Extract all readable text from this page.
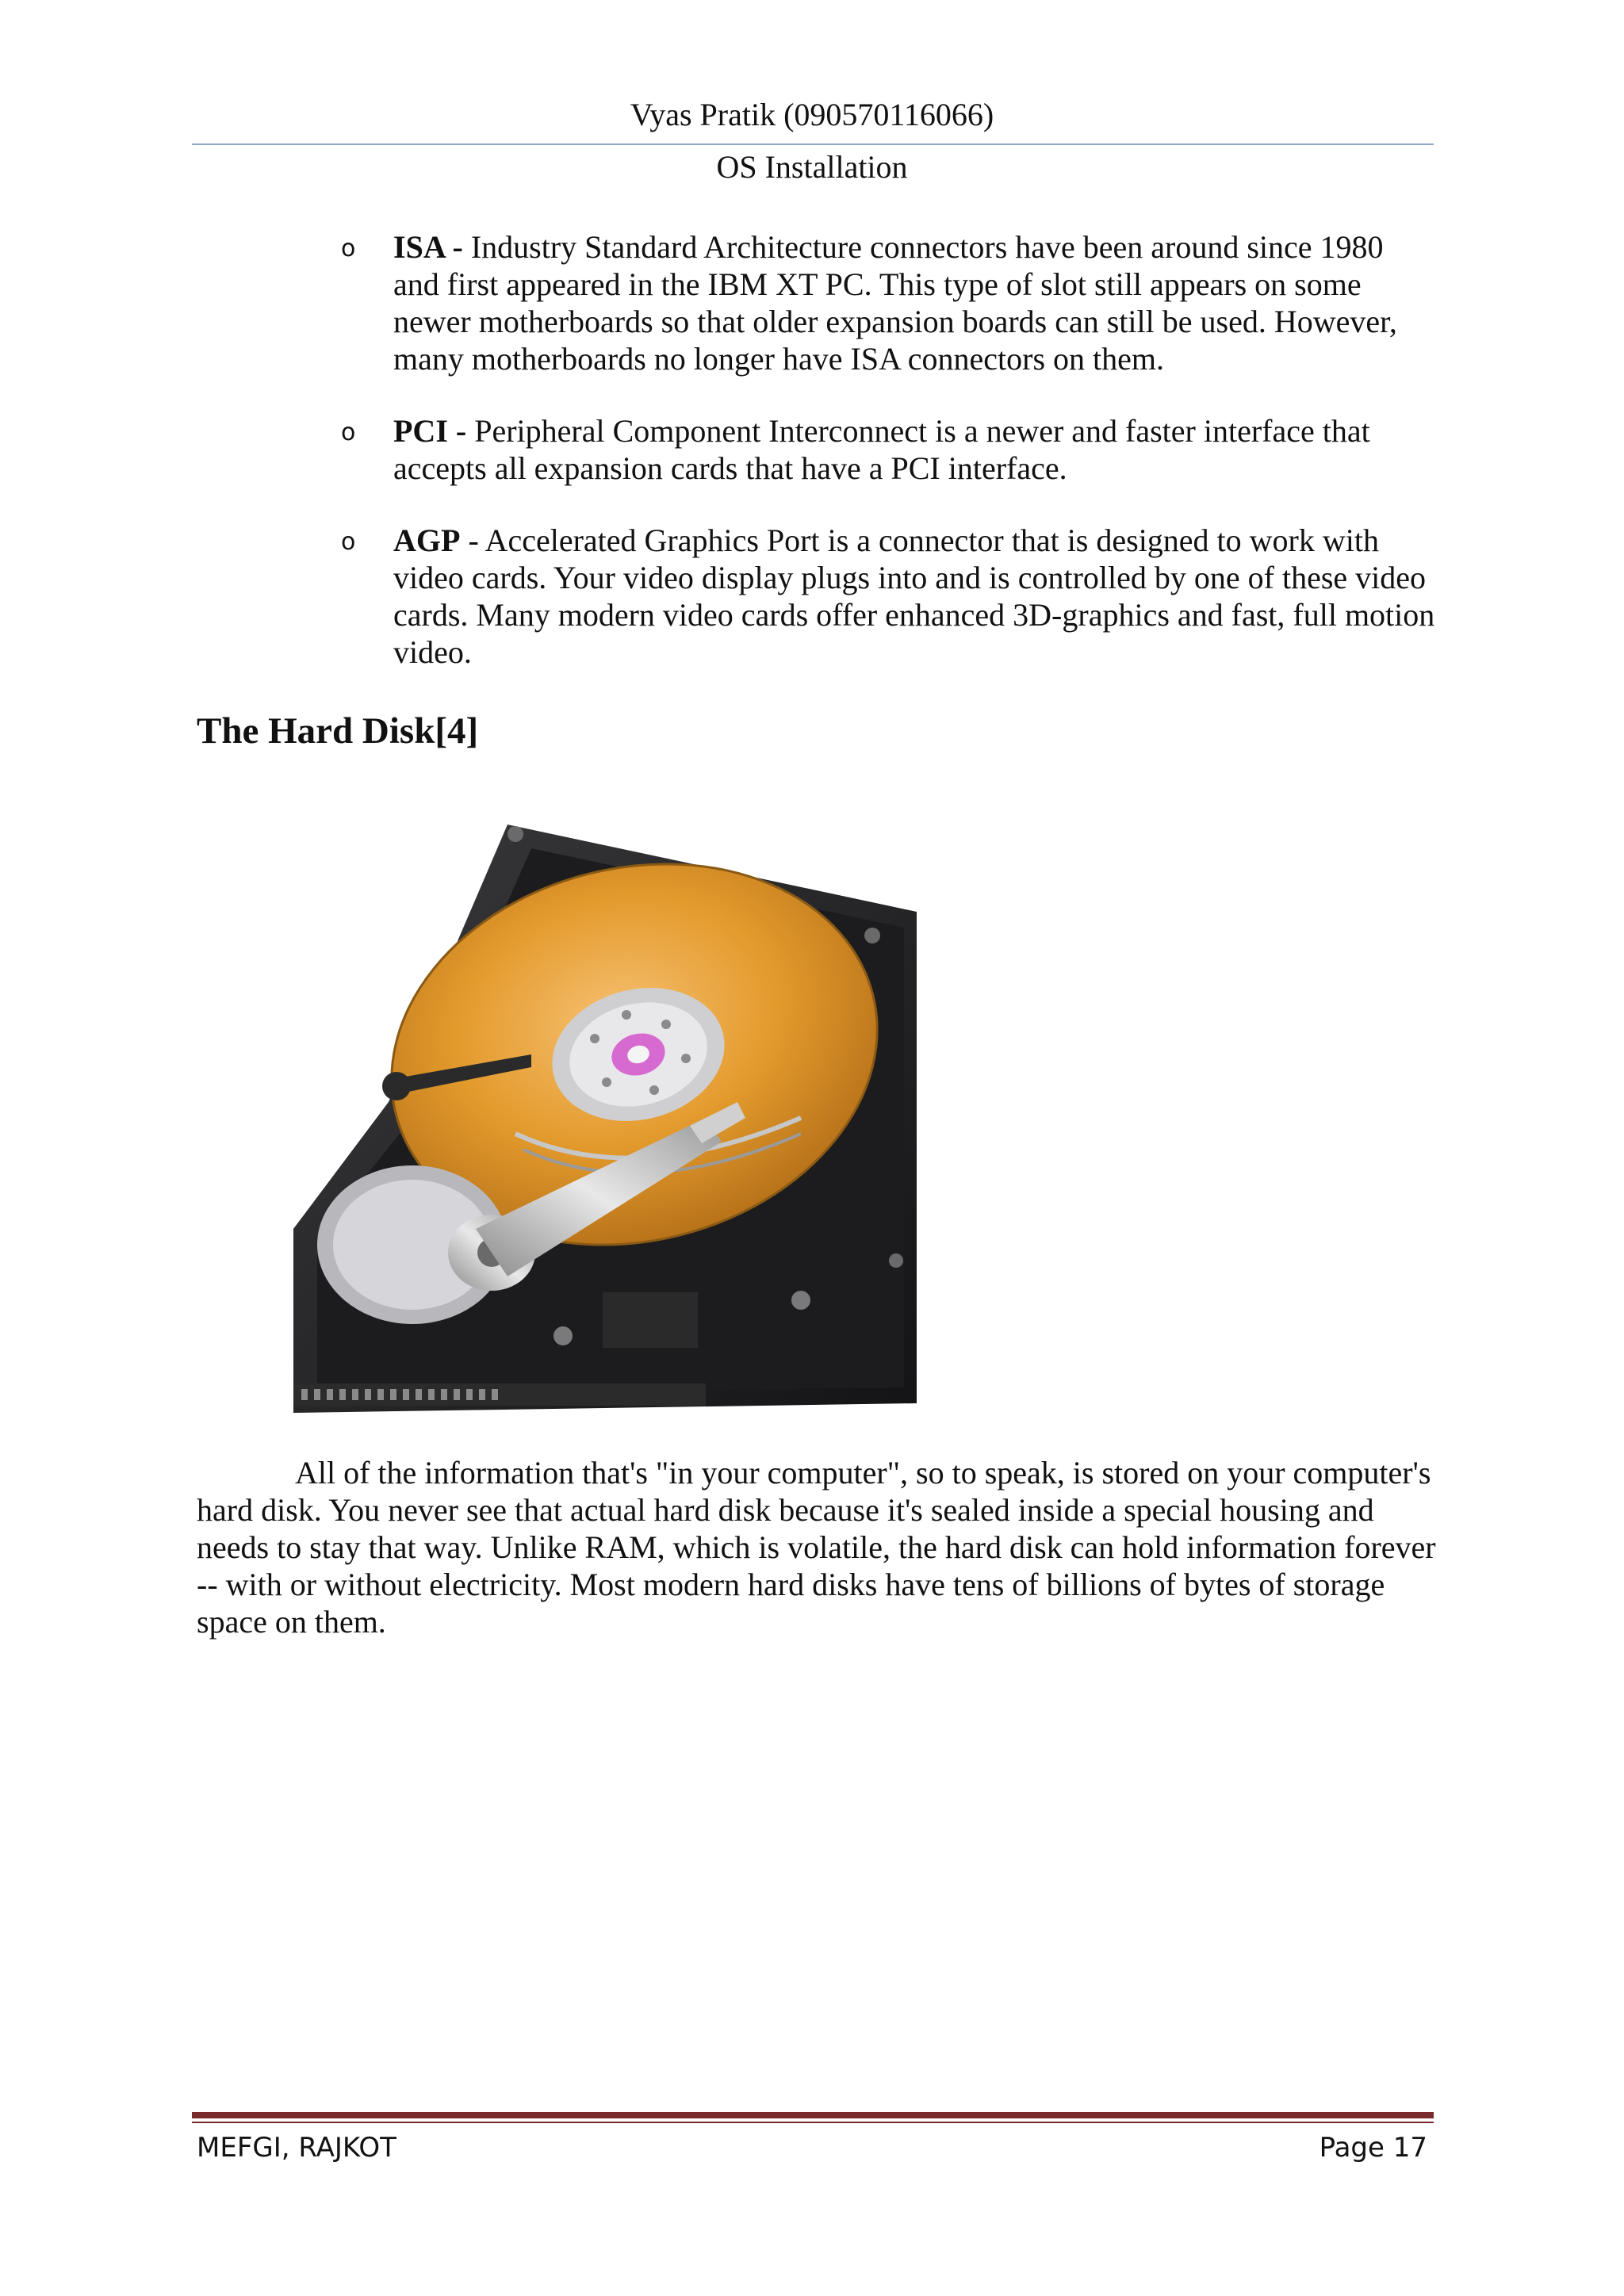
Vyas Pratik (090570116066)
OS Installation
o ISA - Industry Standard Architecture connectors have been around since 1980 and first appeared in the IBM XT PC. This type of slot still appears on some newer motherboards so that older expansion boards can still be used. However, many motherboards no longer have ISA connectors on them.
o PCI - Peripheral Component Interconnect is a newer and faster interface that accepts all expansion cards that have a PCI interface.
o AGP - Accelerated Graphics Port is a connector that is designed to work with video cards. Your video display plugs into and is controlled by one of these video cards. Many modern video cards offer enhanced 3D-graphics and fast, full motion video.
The Hard Disk[4]

All of the information that's "in your computer", so to speak, is stored on your computer's hard disk. You never see that actual hard disk because it's sealed inside a special housing and needs to stay that way. Unlike RAM, which is volatile, the hard disk can hold information forever -- with or without electricity. Most modern hard disks have tens of billions of bytes of storage space on them.

MEFGI, RAJKOT	Page 17
